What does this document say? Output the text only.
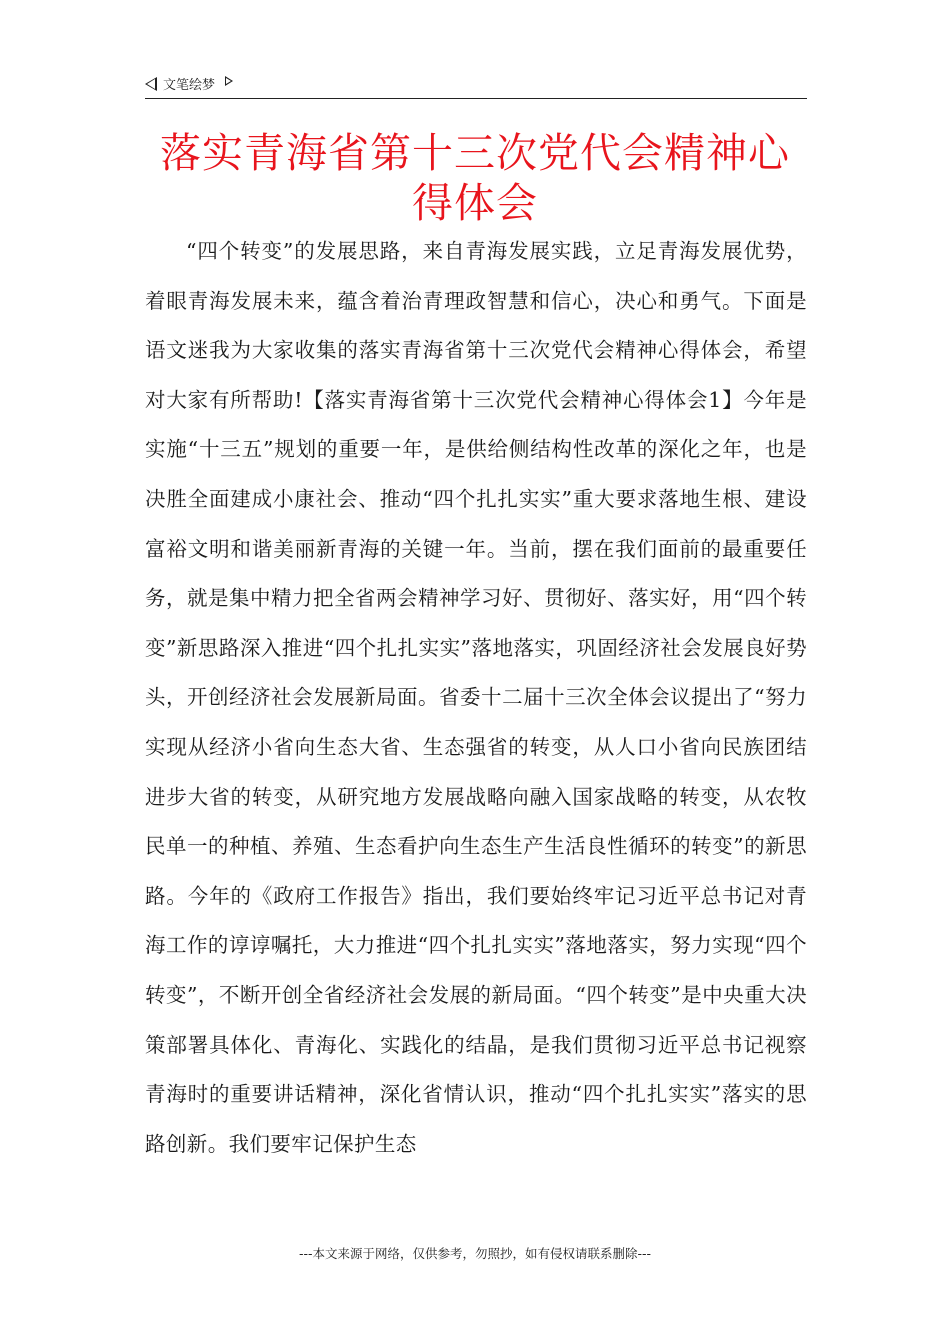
文笔绘梦
落实青海省第十三次党代会精神心
得体会

“四个转变”的发展思路，来自青海发展实践，立足青海发展优势，着眼青海发展未来，蕴含着治青理政智慧和信心，决心和勇气。下面是语文迷我为大家收集的落实青海省第十三次党代会精神心得体会，希望对大家有所帮助!【落实青海省第十三次党代会精神心得体会1】今年是实施“十三五”规划的重要一年，是供给侧结构性改革的深化之年，也是决胜全面建成小康社会、推动“四个扎扎实实”重大要求落地生根、建设富裕文明和谐美丽新青海的关键一年。当前，摆在我们面前的最重要任务，就是集中精力把全省两会精神学习好、贯彻好、落实好，用“四个转变”新思路深入推进“四个扎扎实实”落地落实，巩固经济社会发展良好势头，开创经济社会发展新局面。省委十二届十三次全体会议提出了“努力实现从经济小省向生态大省、生态强省的转变，从人口小省向民族团结进步大省的转变，从研究地方发展战略向融入国家战略的转变，从农牧民单一的种植、养殖、生态看护向生态生产生活良性循环的转变”的新思路。今年的《政府工作报告》指出，我们要始终牢记习近平总书记对青海工作的谆谆嘱托，大力推进“四个扎扎实实”落地落实，努力实现“四个转变”，不断开创全省经济社会发展的新局面。“四个转变”是中央重大决策部署具体化、青海化、实践化的结晶，是我们贯彻习近平总书记视察青海时的重要讲话精神，深化省情认识，推动“四个扎扎实实”落实的思路创新。我们要牢记保护生态

---本文来源于网络，仅供参考，勿照抄，如有侵权请联系删除---
